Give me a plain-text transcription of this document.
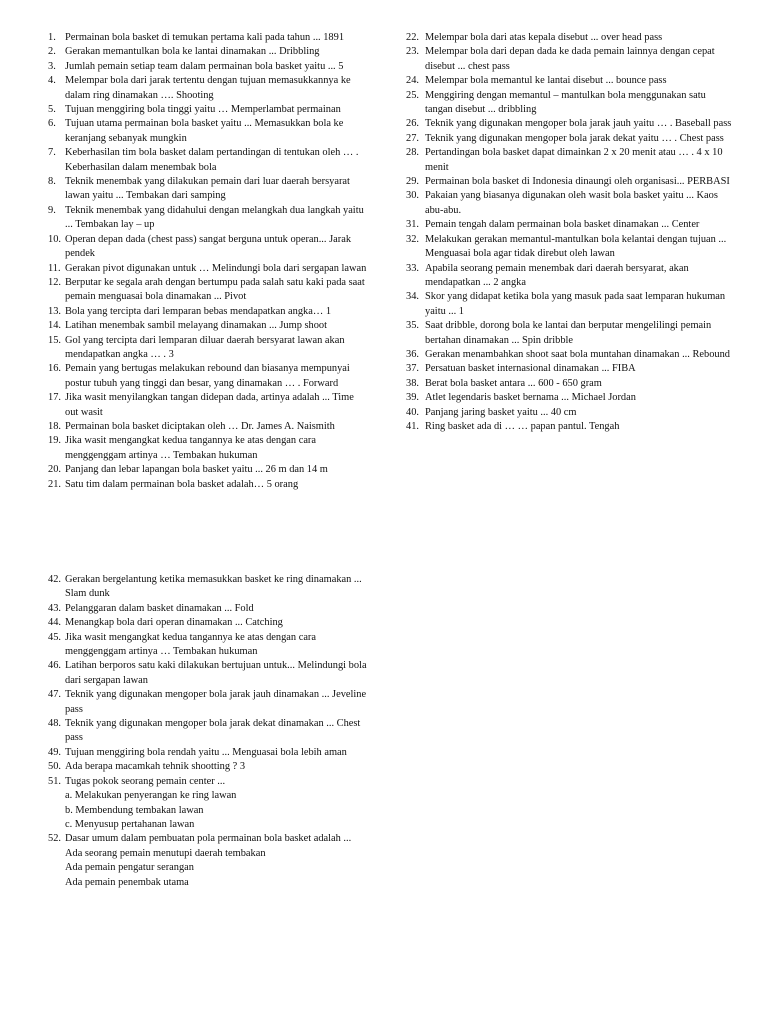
1. Permainan bola basket di temukan pertama kali pada tahun ... 1891
2. Gerakan memantulkan bola ke lantai dinamakan ... Dribbling
3. Jumlah pemain setiap team dalam permainan bola basket yaitu ... 5
4. Melempar bola dari jarak tertentu dengan tujuan memasukkannya ke dalam ring dinamakan …. Shooting
5. Tujuan menggiring bola tinggi yaitu … Memperlambat permainan
6. Tujuan utama permainan bola basket yaitu ... Memasukkan bola ke keranjang sebanyak mungkin
7. Keberhasilan tim bola basket dalam pertandingan di tentukan oleh … . Keberhasilan dalam menembak bola
8. Teknik menembak yang dilakukan pemain dari luar daerah bersyarat lawan yaitu ... Tembakan dari samping
9. Teknik menembak yang didahului dengan melangkah dua langkah yaitu ... Tembakan lay – up
10. Operan depan dada (chest pass) sangat berguna untuk operan... Jarak pendek
11. Gerakan pivot digunakan untuk … Melindungi bola dari sergapan lawan
12. Berputar ke segala arah dengan bertumpu pada salah satu kaki pada saat pemain menguasai bola dinamakan ... Pivot
13. Bola yang tercipta dari lemparan bebas mendapatkan angka… 1
14. Latihan menembak sambil melayang dinamakan ... Jump shoot
15. Gol yang tercipta dari lemparan diluar daerah bersyarat lawan akan mendapatkan angka … . 3
16. Pemain yang bertugas melakukan rebound dan biasanya mempunyai postur tubuh yang tinggi dan besar, yang dinamakan … . Forward
17. Jika wasit menyilangkan tangan didepan dada, artinya adalah ... Time out wasit
18. Permainan bola basket diciptakan oleh … Dr. James A. Naismith
19. Jika wasit mengangkat kedua tangannya ke atas dengan cara menggenggam artinya … Tembakan hukuman
20. Panjang dan lebar lapangan bola basket yaitu ... 26 m dan 14 m
21. Satu tim dalam permainan bola basket adalah… 5 orang
22. Melempar bola dari atas kepala disebut ... over head pass
23. Melempar bola dari depan dada ke dada pemain lainnya dengan cepat disebut ... chest pass
24. Melempar bola memantul ke lantai disebut ... bounce pass
25. Menggiring dengan memantul – mantulkan bola menggunakan satu tangan disebut ... dribbling
26. Teknik yang digunakan mengoper bola jarak jauh yaitu … . Baseball pass
27. Teknik yang digunakan mengoper bola jarak dekat yaitu … . Chest pass
28. Pertandingan bola basket dapat dimainkan 2 x 20 menit atau … . 4 x 10 menit
29. Permainan bola basket di Indonesia dinaungi oleh organisasi... PERBASI
30. Pakaian yang biasanya digunakan oleh wasit bola basket yaitu ... Kaos abu-abu.
31. Pemain tengah dalam permainan bola basket dinamakan ... Center
32. Melakukan gerakan memantul-mantulkan bola kelantai dengan tujuan ... Menguasai bola agar tidak direbut oleh lawan
33. Apabila seorang pemain menembak dari daerah bersyarat, akan mendapatkan ... 2 angka
34. Skor yang didapat ketika bola yang masuk pada saat lemparan hukuman yaitu ... 1
35. Saat dribble, dorong bola ke lantai dan berputar mengelilingi pemain bertahan dinamakan ... Spin dribble
36. Gerakan menambahkan shoot saat bola muntahan dinamakan ... Rebound
37. Persatuan basket internasional dinamakan ... FIBA
38. Berat bola basket antara ... 600 - 650 gram
39. Atlet legendaris basket bernama ... Michael Jordan
40. Panjang jaring basket yaitu ... 40 cm
41. Ring basket ada di … … papan pantul. Tengah
42. Gerakan bergelantung ketika memasukkan basket ke ring dinamakan ... Slam dunk
43. Pelanggaran dalam basket dinamakan ... Fold
44. Menangkap bola dari operan dinamakan ... Catching
45. Jika wasit mengangkat kedua tangannya ke atas dengan cara menggenggam artinya … Tembakan hukuman
46. Latihan berporos satu kaki dilakukan bertujuan untuk... Melindungi bola dari sergapan lawan
47. Teknik yang digunakan mengoper bola jarak jauh dinamakan ... Jeveline pass
48. Teknik yang digunakan mengoper bola jarak dekat dinamakan ... Chest pass
49. Tujuan menggiring bola rendah yaitu ... Menguasai bola lebih aman
50. Ada berapa macamkah tehnik shootting ? 3
51. Tugas pokok seorang pemain center ...
a. Melakukan penyerangan ke ring lawan
b. Membendung tembakan lawan
c. Menyusup pertahanan lawan
52. Dasar umum dalam pembuatan pola permainan bola basket adalah ...
Ada seorang pemain menutupi daerah tembakan
Ada pemain pengatur serangan
Ada pemain penembak utama
